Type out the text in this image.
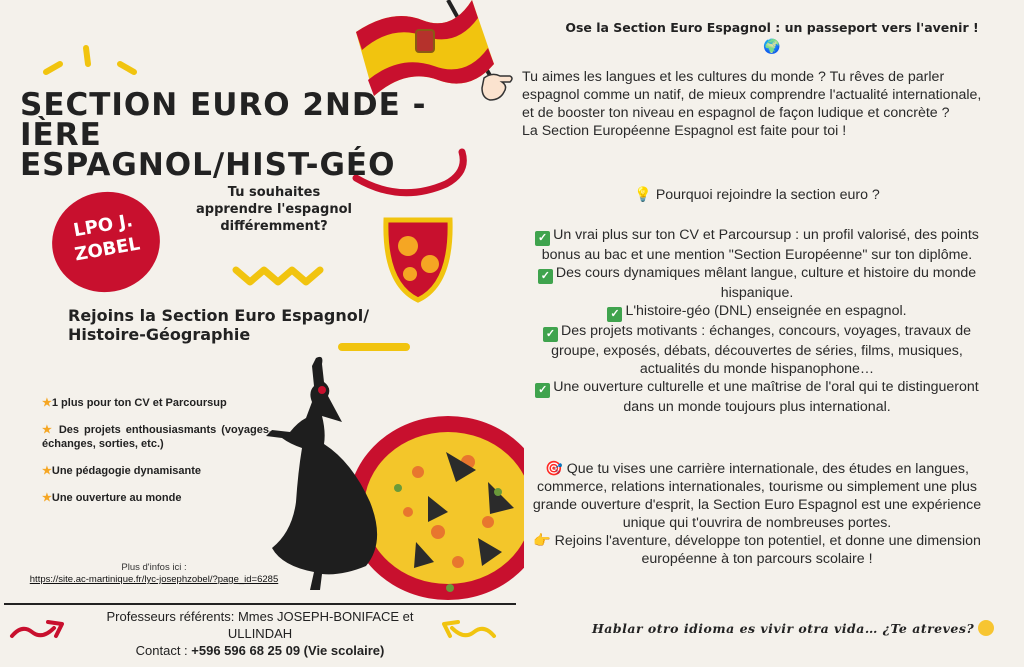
SECTION EURO 2NDE - IÈRE
ESPAGNOL/HIST-GÉO
Tu souhaites apprendre l'espagnol différemment?
LPO J.
ZOBEL
Rejoins la Section Euro Espagnol/
Histoire-Géographie
★1 plus pour ton CV et Parcoursup
★ Des projets enthousiasmants (voyages, échanges, sorties, etc.)
★Une pédagogie dynamisante
★Une ouverture au monde
Plus d'infos ici :
https://site.ac-martinique.fr/lyc-josephzobel/?page_id=6285
Professeurs référents: Mmes JOSEPH-BONIFACE et ULLINDAH
Contact : +596 596 68 25 09 (Vie scolaire)
Ose la Section Euro Espagnol : un passeport vers l'avenir !
🌍
Tu aimes les langues et les cultures du monde ? Tu rêves de parler espagnol comme un natif, de mieux comprendre l'actualité internationale, et de booster ton niveau en espagnol de façon ludique et concrète ?
La Section Européenne Espagnol est faite pour toi !
💡 Pourquoi rejoindre la section euro ?
✓ Un vrai plus sur ton CV et Parcoursup : un profil valorisé, des points bonus au bac et une mention "Section Européenne" sur ton diplôme.
✓ Des cours dynamiques mêlant langue, culture et histoire du monde hispanique.
✓ L'histoire-géo (DNL) enseignée en espagnol.
✓ Des projets motivants : échanges, concours, voyages, travaux de groupe, exposés, débats, découvertes de séries, films, musiques, actualités du monde hispanophone…
✓ Une ouverture culturelle et une maîtrise de l'oral qui te distingueront dans un monde toujours plus international.
🎯 Que tu vises une carrière internationale, des études en langues, commerce, relations internationales, tourisme ou simplement une plus grande ouverture d'esprit, la Section Euro Espagnol est une expérience unique qui t'ouvrira de nombreuses portes.
👉 Rejoins l'aventure, développe ton potentiel, et donne une dimension européenne à ton parcours scolaire !
Hablar otro idioma es vivir otra vida… ¿Te atreves?
